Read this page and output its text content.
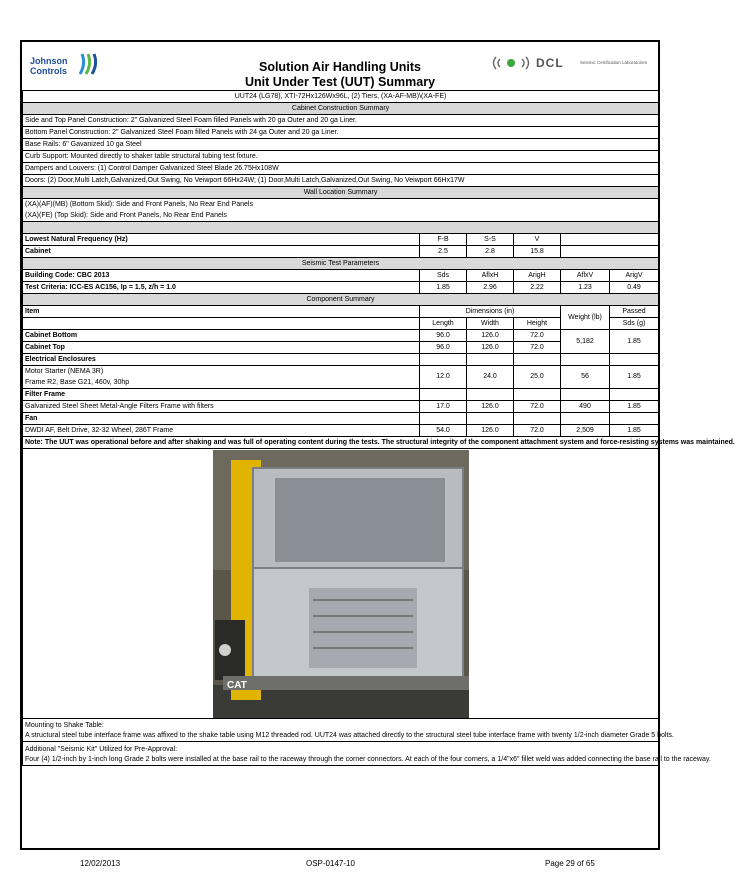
Johnson
Controls	Solution Air Handling Units
Unit Under Test (UUT) Summary
DCL	Seismic Certification Laboratories
UUT24 (LG78), XTI-72Hx126Wx96L, (2) Tiers, (XA-AF-MB)\(XA-FE)					
Cabinet Construction Summary					
Side and Top Panel Construction: 2" Galvanized Steel Foam filled Panels with 20 ga Outer and 20 ga Liner.					
Bottom Panel Construction: 2" Galvanized Steel Foam filled Panels with 24 ga Outer and 20 ga Liner.					
Base Rails: 6" Gavanized 10 ga Steel					
Curb Support: Mounted directly to shaker table structural tubing test fixture.					
Dampers and Louvers: (1) Control Damper Galvanized Steel Blade 26.75Hx108W					
Doors: (2) Door,Multi Latch,Galvanized,Out Swing, No Veiwport 66Hx24W; (1) Door,Multi Latch,Galvanized,Out Swing, No Veiwport 66Hx17W					
Wall Location Summary					
(XA)(AF)(MB) (Bottom Skid): Side and Front Panels, No Rear End Panels					
(XA)(FE) (Top Skid): Side and Front Panels, No Rear End Panels					

Lowest Natural Frequency (Hz)	F-B	S-S	V		
Cabinet	2.5	2.8	15.8		
Seismic Test Parameters					
Building Code: CBC 2013	Sds	AflxH	ArigH	AflxV	ArigV
Test Criteria: ICC-ES AC156, Ip = 1.5, z/h = 1.0	1.85	2.96	2.22	1.23	0.49
Component Summary					
Item	Dimensions (in)			Weight (lb)	Passed
	Length	Width	Height		Sds (g)
Cabinet Bottom	96.0	126.0	72.0	5,182	1.85
Cabinet Top	96.0	126.0	72.0		
Electrical Enclosures					
Motor Starter (NEMA 3R)	12.0	24.0	25.0	56	1.85
Frame R2, Base G21, 460v, 30hp					
Filter Frame					
Galvanized Steel Sheet Metal-Angle Filters Frame with filters	17.0	126.0	72.0	490	1.85
Fan					
DWDI AF, Belt Drive, 32-32 Wheel, 286T Frame	54.0	126.0	72.0	2,509	1.85
Note: The UUT was operational before and after shaking and was full of operating content during the tests. The structural integrity of the component attachment system and force-resisting systems was maintained.					

CAT					

Mounting to Shake Table:
A structural steel tube interface frame was affixed to the shake table using M12 threaded rod. UUT24 was attached directly to the structural steel tube interface frame with twenty 1/2-inch diameter Grade 5 bolts.					

Additional "Seismic Kit" Utilized for Pre-Approval:
Four (4) 1/2-inch by 1-inch long Grade 2 bolts were installed at the base rail to the raceway through the corner connectors. At each of the four corners, a 1/4"x6" fillet weld was added connecting the base rail to the raceway.					
12/02/2013	OSP-0147-10	Page 29 of 65
